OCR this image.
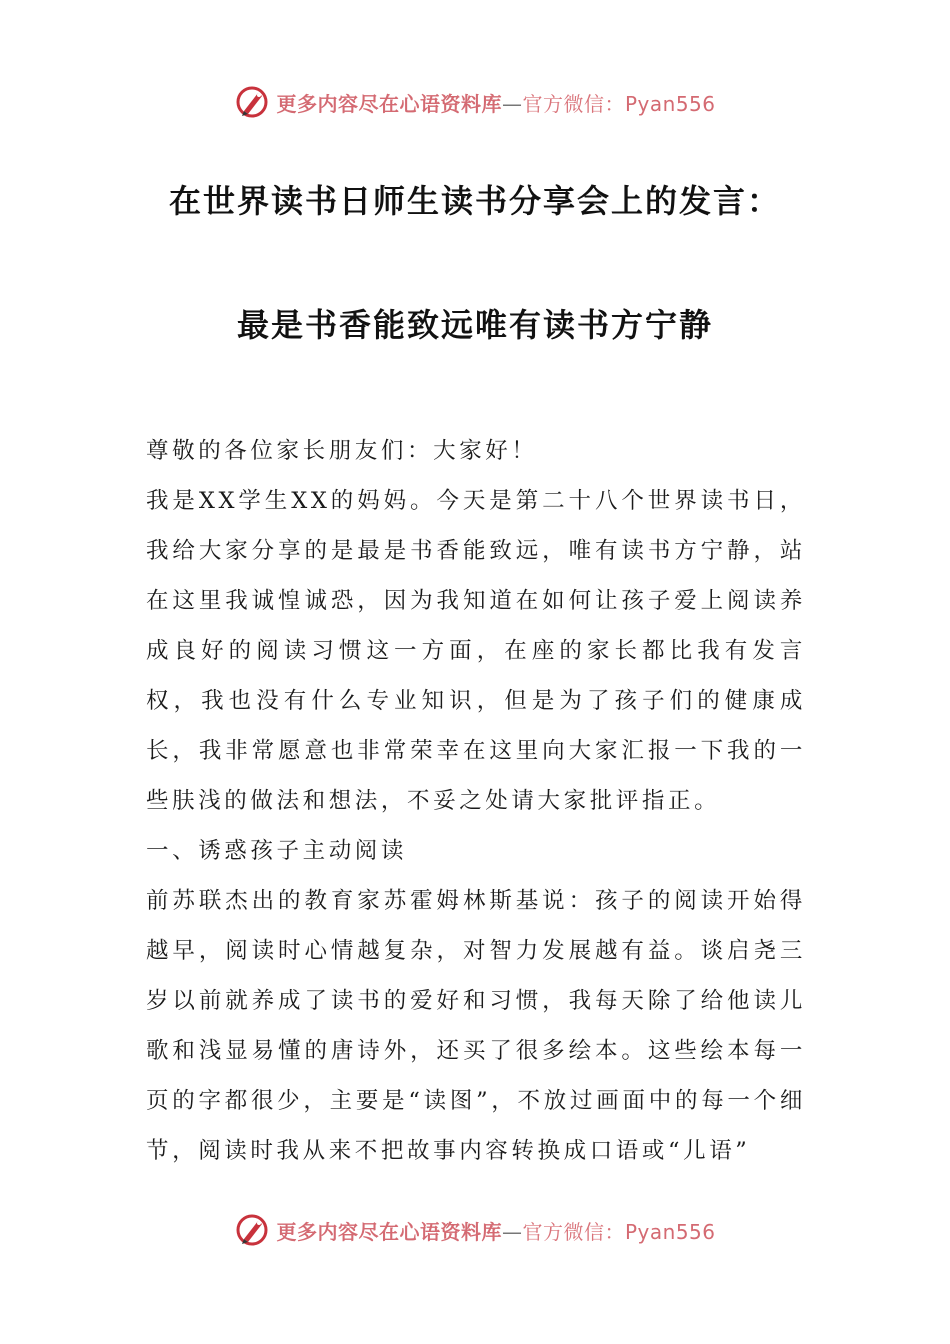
更多内容尽在心语资料库—官方微信：Pyan556
在世界读书日师生读书分享会上的发言：
最是书香能致远唯有读书方宁静

尊敬的各位家长朋友们：大家好！

我是XX学生XX的妈妈。今天是第二十八个世界读书日，我给大家分享的是最是书香能致远，唯有读书方宁静，站在这里我诚惶诚恐，因为我知道在如何让孩子爱上阅读养成良好的阅读习惯这一方面，在座的家长都比我有发言权，我也没有什么专业知识，但是为了孩子们的健康成长，我非常愿意也非常荣幸在这里向大家汇报一下我的一些肤浅的做法和想法，不妥之处请大家批评指正。

一、诱惑孩子主动阅读

前苏联杰出的教育家苏霍姆林斯基说：孩子的阅读开始得越早，阅读时心情越复杂，对智力发展越有益。谈启尧三岁以前就养成了读书的爱好和习惯，我每天除了给他读儿歌和浅显易懂的唐诗外，还买了很多绘本。这些绘本每一页的字都很少，主要是“读图”，不放过画面中的每一个细节，阅读时我从来不把故事内容转换成口语或“儿语”

更多内容尽在心语资料库—官方微信：Pyan556
